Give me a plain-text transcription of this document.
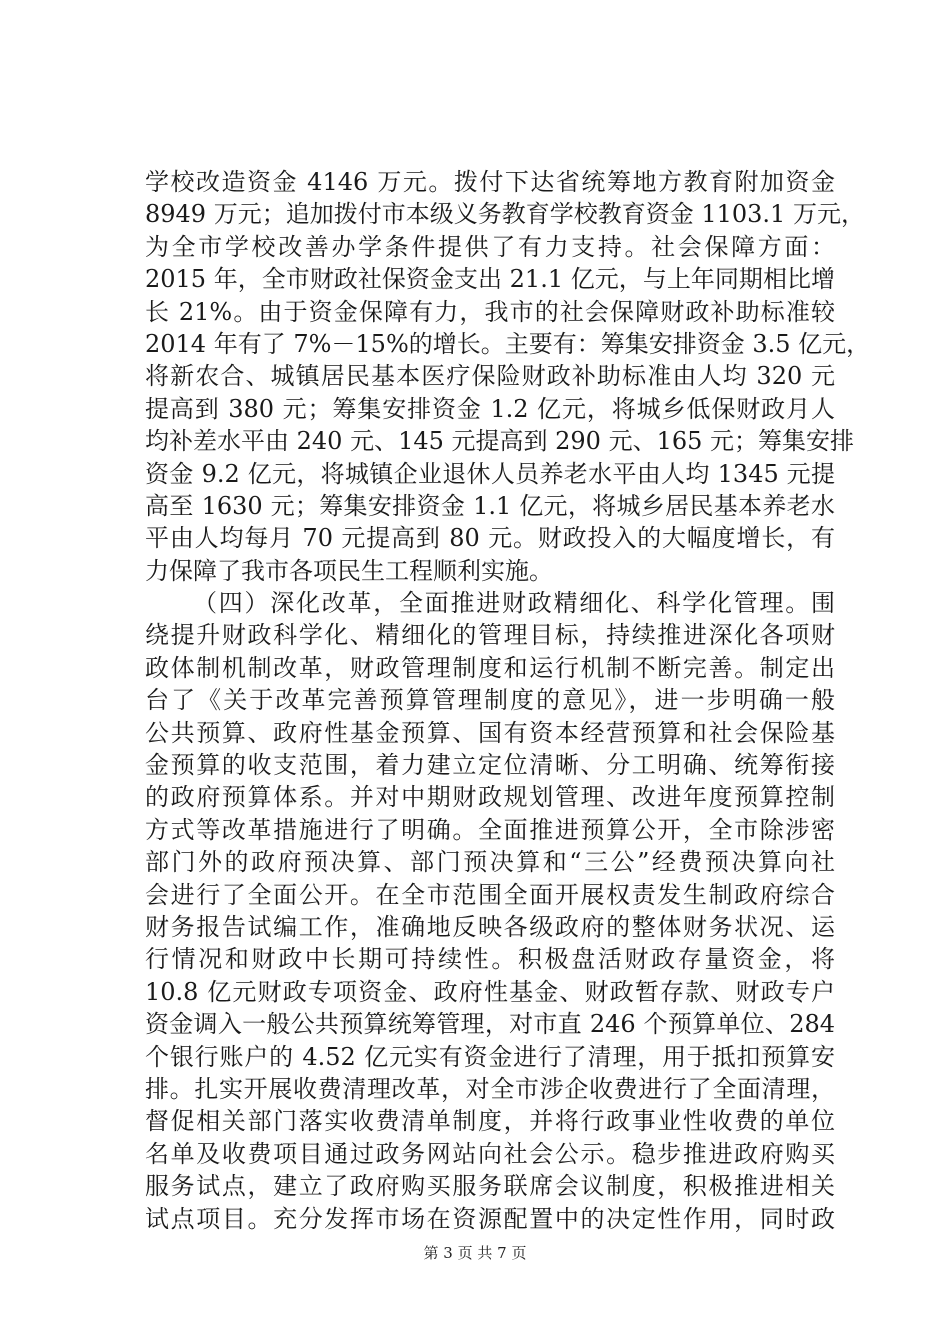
学校改造资金 4146 万元。拨付下达省统筹地方教育附加资金
8949 万元；追加拨付市本级义务教育学校教育资金 1103.1 万元，
为全市学校改善办学条件提供了有力支持。社会保障方面：
2015 年，全市财政社保资金支出 21.1 亿元，与上年同期相比增
长 21%。由于资金保障有力，我市的社会保障财政补助标准较
2014 年有了 7%－15%的增长。主要有：筹集安排资金 3.5 亿元，
将新农合、城镇居民基本医疗保险财政补助标准由人均 320 元
提高到 380 元；筹集安排资金 1.2 亿元，将城乡低保财政月人
均补差水平由 240 元、145 元提高到 290 元、165 元；筹集安排
资金 9.2 亿元，将城镇企业退休人员养老水平由人均 1345 元提
高至 1630 元；筹集安排资金 1.1 亿元，将城乡居民基本养老水
平由人均每月 70 元提高到 80 元。财政投入的大幅度增长，有
力保障了我市各项民生工程顺利实施。
（四）深化改革，全面推进财政精细化、科学化管理。围
绕提升财政科学化、精细化的管理目标，持续推进深化各项财
政体制机制改革，财政管理制度和运行机制不断完善。制定出
台了《关于改革完善预算管理制度的意见》，进一步明确一般
公共预算、政府性基金预算、国有资本经营预算和社会保险基
金预算的收支范围，着力建立定位清晰、分工明确、统筹衔接
的政府预算体系。并对中期财政规划管理、改进年度预算控制
方式等改革措施进行了明确。全面推进预算公开，全市除涉密
部门外的政府预决算、部门预决算和“三公”经费预决算向社
会进行了全面公开。在全市范围全面开展权责发生制政府综合
财务报告试编工作，准确地反映各级政府的整体财务状况、运
行情况和财政中长期可持续性。积极盘活财政存量资金，将
10.8 亿元财政专项资金、政府性基金、财政暂存款、财政专户
资金调入一般公共预算统筹管理，对市直 246 个预算单位、284
个银行账户的 4.52 亿元实有资金进行了清理，用于抵扣预算安
排。扎实开展收费清理改革，对全市涉企收费进行了全面清理，
督促相关部门落实收费清单制度，并将行政事业性收费的单位
名单及收费项目通过政务网站向社会公示。稳步推进政府购买
服务试点，建立了政府购买服务联席会议制度，积极推进相关
试点项目。充分发挥市场在资源配置中的决定性作用，同时政
第 3 页 共 7 页
